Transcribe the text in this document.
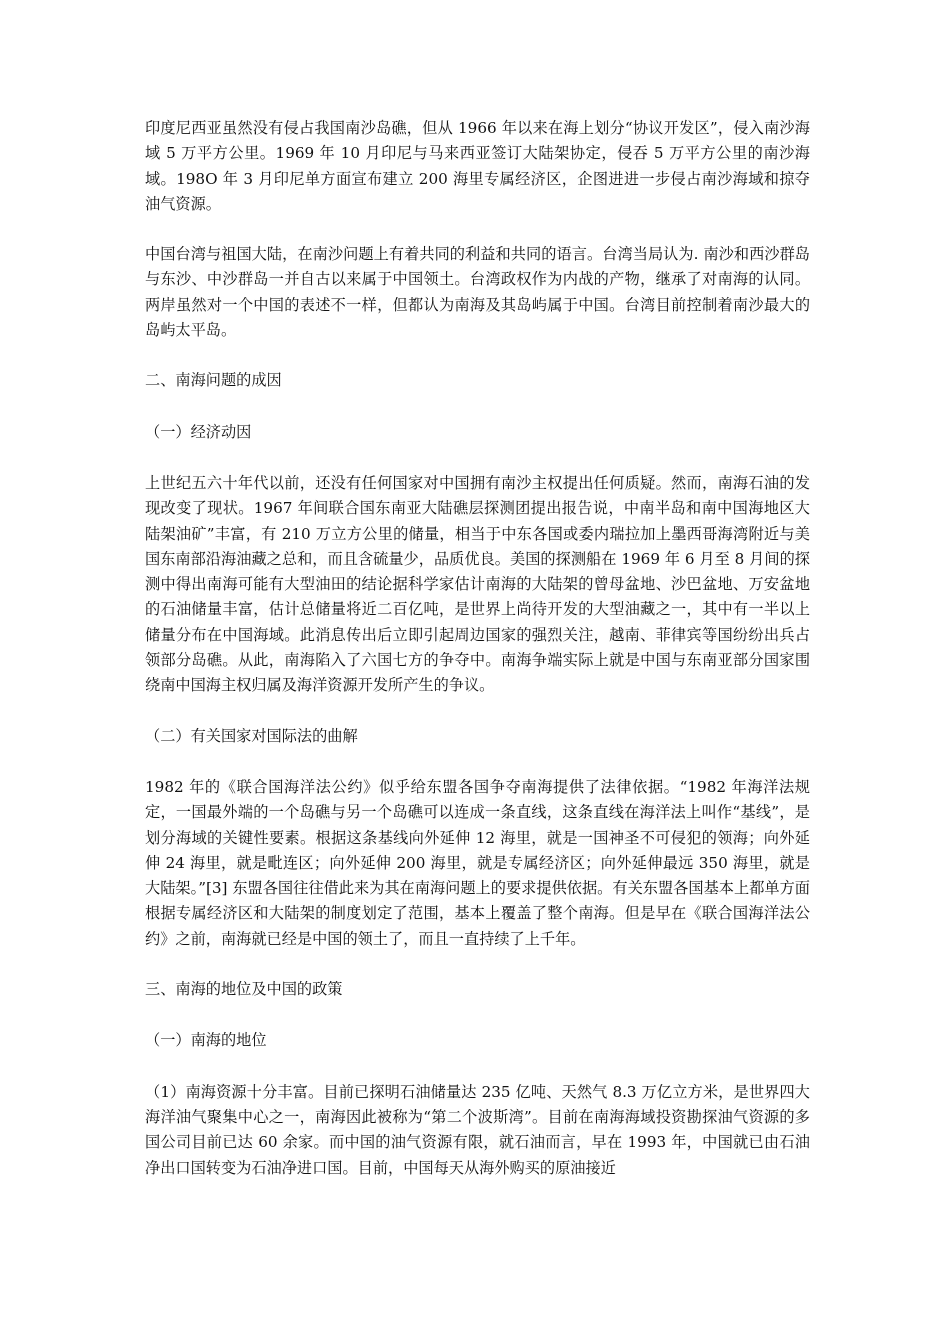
印度尼西亚虽然没有侵占我国南沙岛礁，但从 1966 年以来在海上划分“协议开发区”，侵入南沙海域 5 万平方公里。1969 年 10 月印尼与马来西亚签订大陆架协定，侵吞 5 万平方公里的南沙海域。198O 年 3 月印尼单方面宣布建立 200 海里专属经济区，企图进进一步侵占南沙海域和掠夺油气资源。

中国台湾与祖国大陆，在南沙问题上有着共同的利益和共同的语言。台湾当局认为. 南沙和西沙群岛与东沙、中沙群岛一并自古以来属于中国领土。台湾政权作为内战的产物，继承了对南海的认同。两岸虽然对一个中国的表述不一样，但都认为南海及其岛屿属于中国。台湾目前控制着南沙最大的岛屿太平岛。

二、南海问题的成因

（一）经济动因

上世纪五六十年代以前，还没有任何国家对中国拥有南沙主权提出任何质疑。然而，南海石油的发现改变了现状。1967 年间联合国东南亚大陆礁层探测团提出报告说，中南半岛和南中国海地区大陆架油矿”丰富，有 210 万立方公里的储量，相当于中东各国或委内瑞拉加上墨西哥海湾附近与美国东南部沿海油藏之总和，而且含硫量少，品质优良。美国的探测船在 1969 年 6 月至 8 月间的探测中得出南海可能有大型油田的结论据科学家估计南海的大陆架的曾母盆地、沙巴盆地、万安盆地的石油储量丰富，估计总储量将近二百亿吨，是世界上尚待开发的大型油藏之一，其中有一半以上储量分布在中国海域。此消息传出后立即引起周边国家的强烈关注，越南、菲律宾等国纷纷出兵占领部分岛礁。从此，南海陷入了六国七方的争夺中。南海争端实际上就是中国与东南亚部分国家围绕南中国海主权归属及海洋资源开发所产生的争议。

（二）有关国家对国际法的曲解

1982 年的《联合国海洋法公约》似乎给东盟各国争夺南海提供了法律依据。“1982 年海洋法规定，一国最外端的一个岛礁与另一个岛礁可以连成一条直线，这条直线在海洋法上叫作“基线”，是划分海域的关键性要素。根据这条基线向外延伸 12 海里，就是一国神圣不可侵犯的领海；向外延伸 24 海里，就是毗连区；向外延伸 200 海里，就是专属经济区；向外延伸最远 350 海里，就是大陆架。”[3] 东盟各国往往借此来为其在南海问题上的要求提供依据。有关东盟各国基本上都单方面根据专属经济区和大陆架的制度划定了范围，基本上覆盖了整个南海。但是早在《联合国海洋法公约》之前，南海就已经是中国的领土了，而且一直持续了上千年。

三、南海的地位及中国的政策

（一）南海的地位

（1）南海资源十分丰富。目前已探明石油储量达 235 亿吨、天然气 8.3 万亿立方米，是世界四大海洋油气聚集中心之一，南海因此被称为“第二个波斯湾”。目前在南海海域投资勘探油气资源的多国公司目前已达 60 余家。而中国的油气资源有限，就石油而言，早在 1993 年，中国就已由石油净出口国转变为石油净进口国。目前，中国每天从海外购买的原油接近
